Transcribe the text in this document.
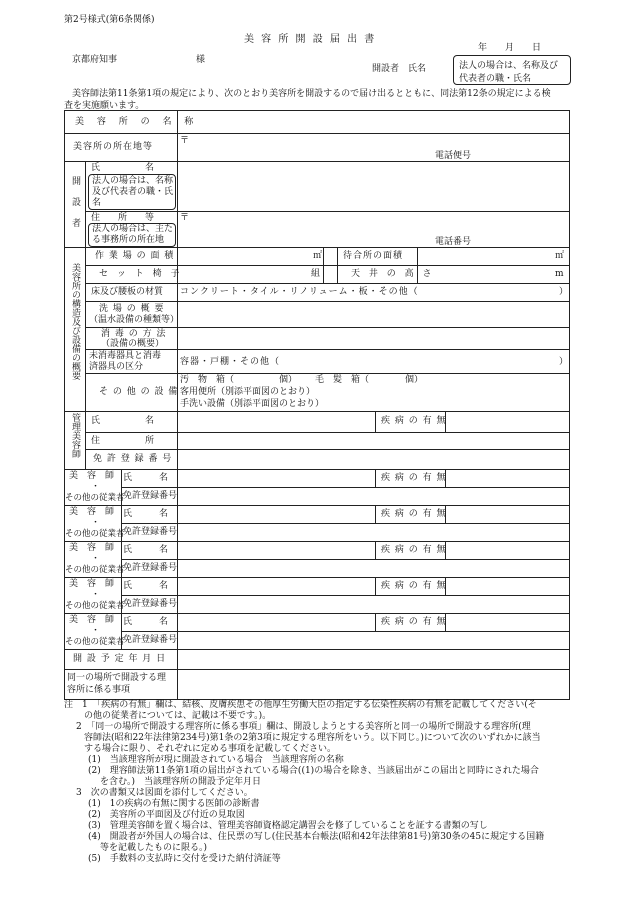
第2号様式(第6条関係)
美 容 所 開 設 届 出 書
年　　月　　日
京都府知事	様
開設者　氏名	法人の場合は、名称及び
代表者の職・氏名
美容師法第11条第1項の規定により、次のとおり美容所を開設するので届け出るとともに、同法第12条の規定による検
査を実施願います。
美 容 所 の 名 称
美容所の所在地等
〒
電話便号
開設者
氏　　　　　名
法人の場合は、名称
及び代表者の職・氏
名
住　　所　　等
法人の場合は、主た
る事務所の所在地
〒
電話番号
美容所の構造及び設備の概要
作 業 場 の 面 積	㎡ 待合所の面積	㎡
セ ッ ト 椅 子	組	天 井 の 高 さ	m
床及び腰板の材質 コンクリート・タイル・リノリューム・板・その他（	）
洗 場 の 概 要
（温水設備の種類等）
消 毒 の 方 法
（設備の概要）
未消毒器具と消毒
済器具の区分	容器・戸棚・その他（	）
そ の 他 の 設 備
汚　物　箱（　　　　　個） 毛　髪　箱（　　　　個）
客用便所（別添平面図のとおり）
手洗い設備（別添平面図のとおり）
管理美容師 氏　　　　　名	疾 病 の 有 無
住　　　　　所
免 許 登 録 番 号
美　容　師
・
その他の従業者
氏　　　名	疾 病 の 有 無
免許登録番号
美　容　師
・
その他の従業者
氏　　　名	疾 病 の 有 無
免許登録番号
美　容　師
・
その他の従業者
氏　　　名	疾 病 の 有 無
免許登録番号
美　容　師
・
その他の従業者
氏　　　名	疾 病 の 有 無
免許登録番号
美　容　師
・
その他の従業者
氏　　　名	疾 病 の 有 無
免許登録番号
開 設 予 定 年 月 日
同一の場所で開設する理
容所に係る事項
注　1　「疾病の有無」欄は、結核、皮膚疾患その他厚生労働大臣の指定する伝染性疾病の有無を記載してください(そ
の他の従業者については、記載は不要です。)。
2　「同一の場所で開設する理容所に係る事項」欄は、開設しようとする美容所と同一の場所で開設する理容所(理
容師法(昭和22年法律第234号)第1条の2第3項に規定する理容所をいう。以下同じ。)について次のいずれかに該当
する場合に限り、それぞれに定める事項を記載してください。
(1)　当該理容所が現に開設されている場合　当該理容所の名称
(2)　理容師法第11条第1項の届出がされている場合((1)の場合を除き、当該届出がこの届出と同時にされた場合
を含む。)　当該理容所の開設予定年月日
3　次の書類又は図面を添付してください。
(1)　1の疾病の有無に関する医師の診断書
(2)　美容所の平面図及び付近の見取図
(3)　管理美容師を置く場合は、管理美容師資格認定講習会を修了していることを証する書類の写し
(4)　開設者が外国人の場合は、住民票の写し(住民基本台帳法(昭和42年法律第81号)第30条の45に規定する国籍
等を記載したものに限る。)
(5)　手数料の支払時に交付を受けた納付済証等
